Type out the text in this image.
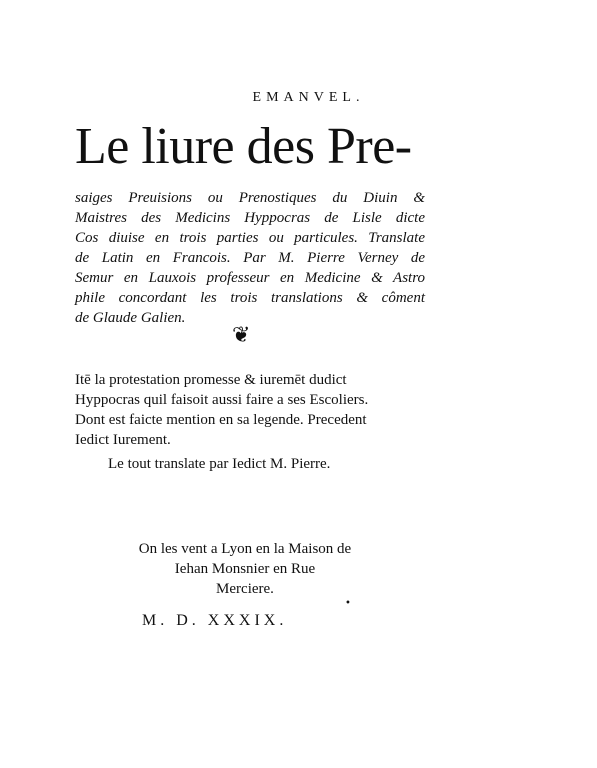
EMANVEL.
Le liure des Pre-
saiges Preuisions ou Prenostiques du Diuin &
Maistres des Medicins Hyppocras de Lisle dicte
Cos diuise en trois parties ou particules. Translate
de Latin en Francois. Par M. Pierre Verney de
Semur en Lauxois professeur en Medicine & Astro
phile concordant les trois translations & côment
de Glaude Galien.
❦
Itē la protestation promesse & iuremēt dudict
Hyppocras quil faisoit aussi faire a ses Escoliers.
Dont est faicte mention en sa legende. Precedent
Iedict Iurement.
Le tout translate par Iedict M. Pierre.
On les vent a Lyon en la Maison de
Iehan Monsnier en Rue
Merciere.
•
M. D. XXXIX.
